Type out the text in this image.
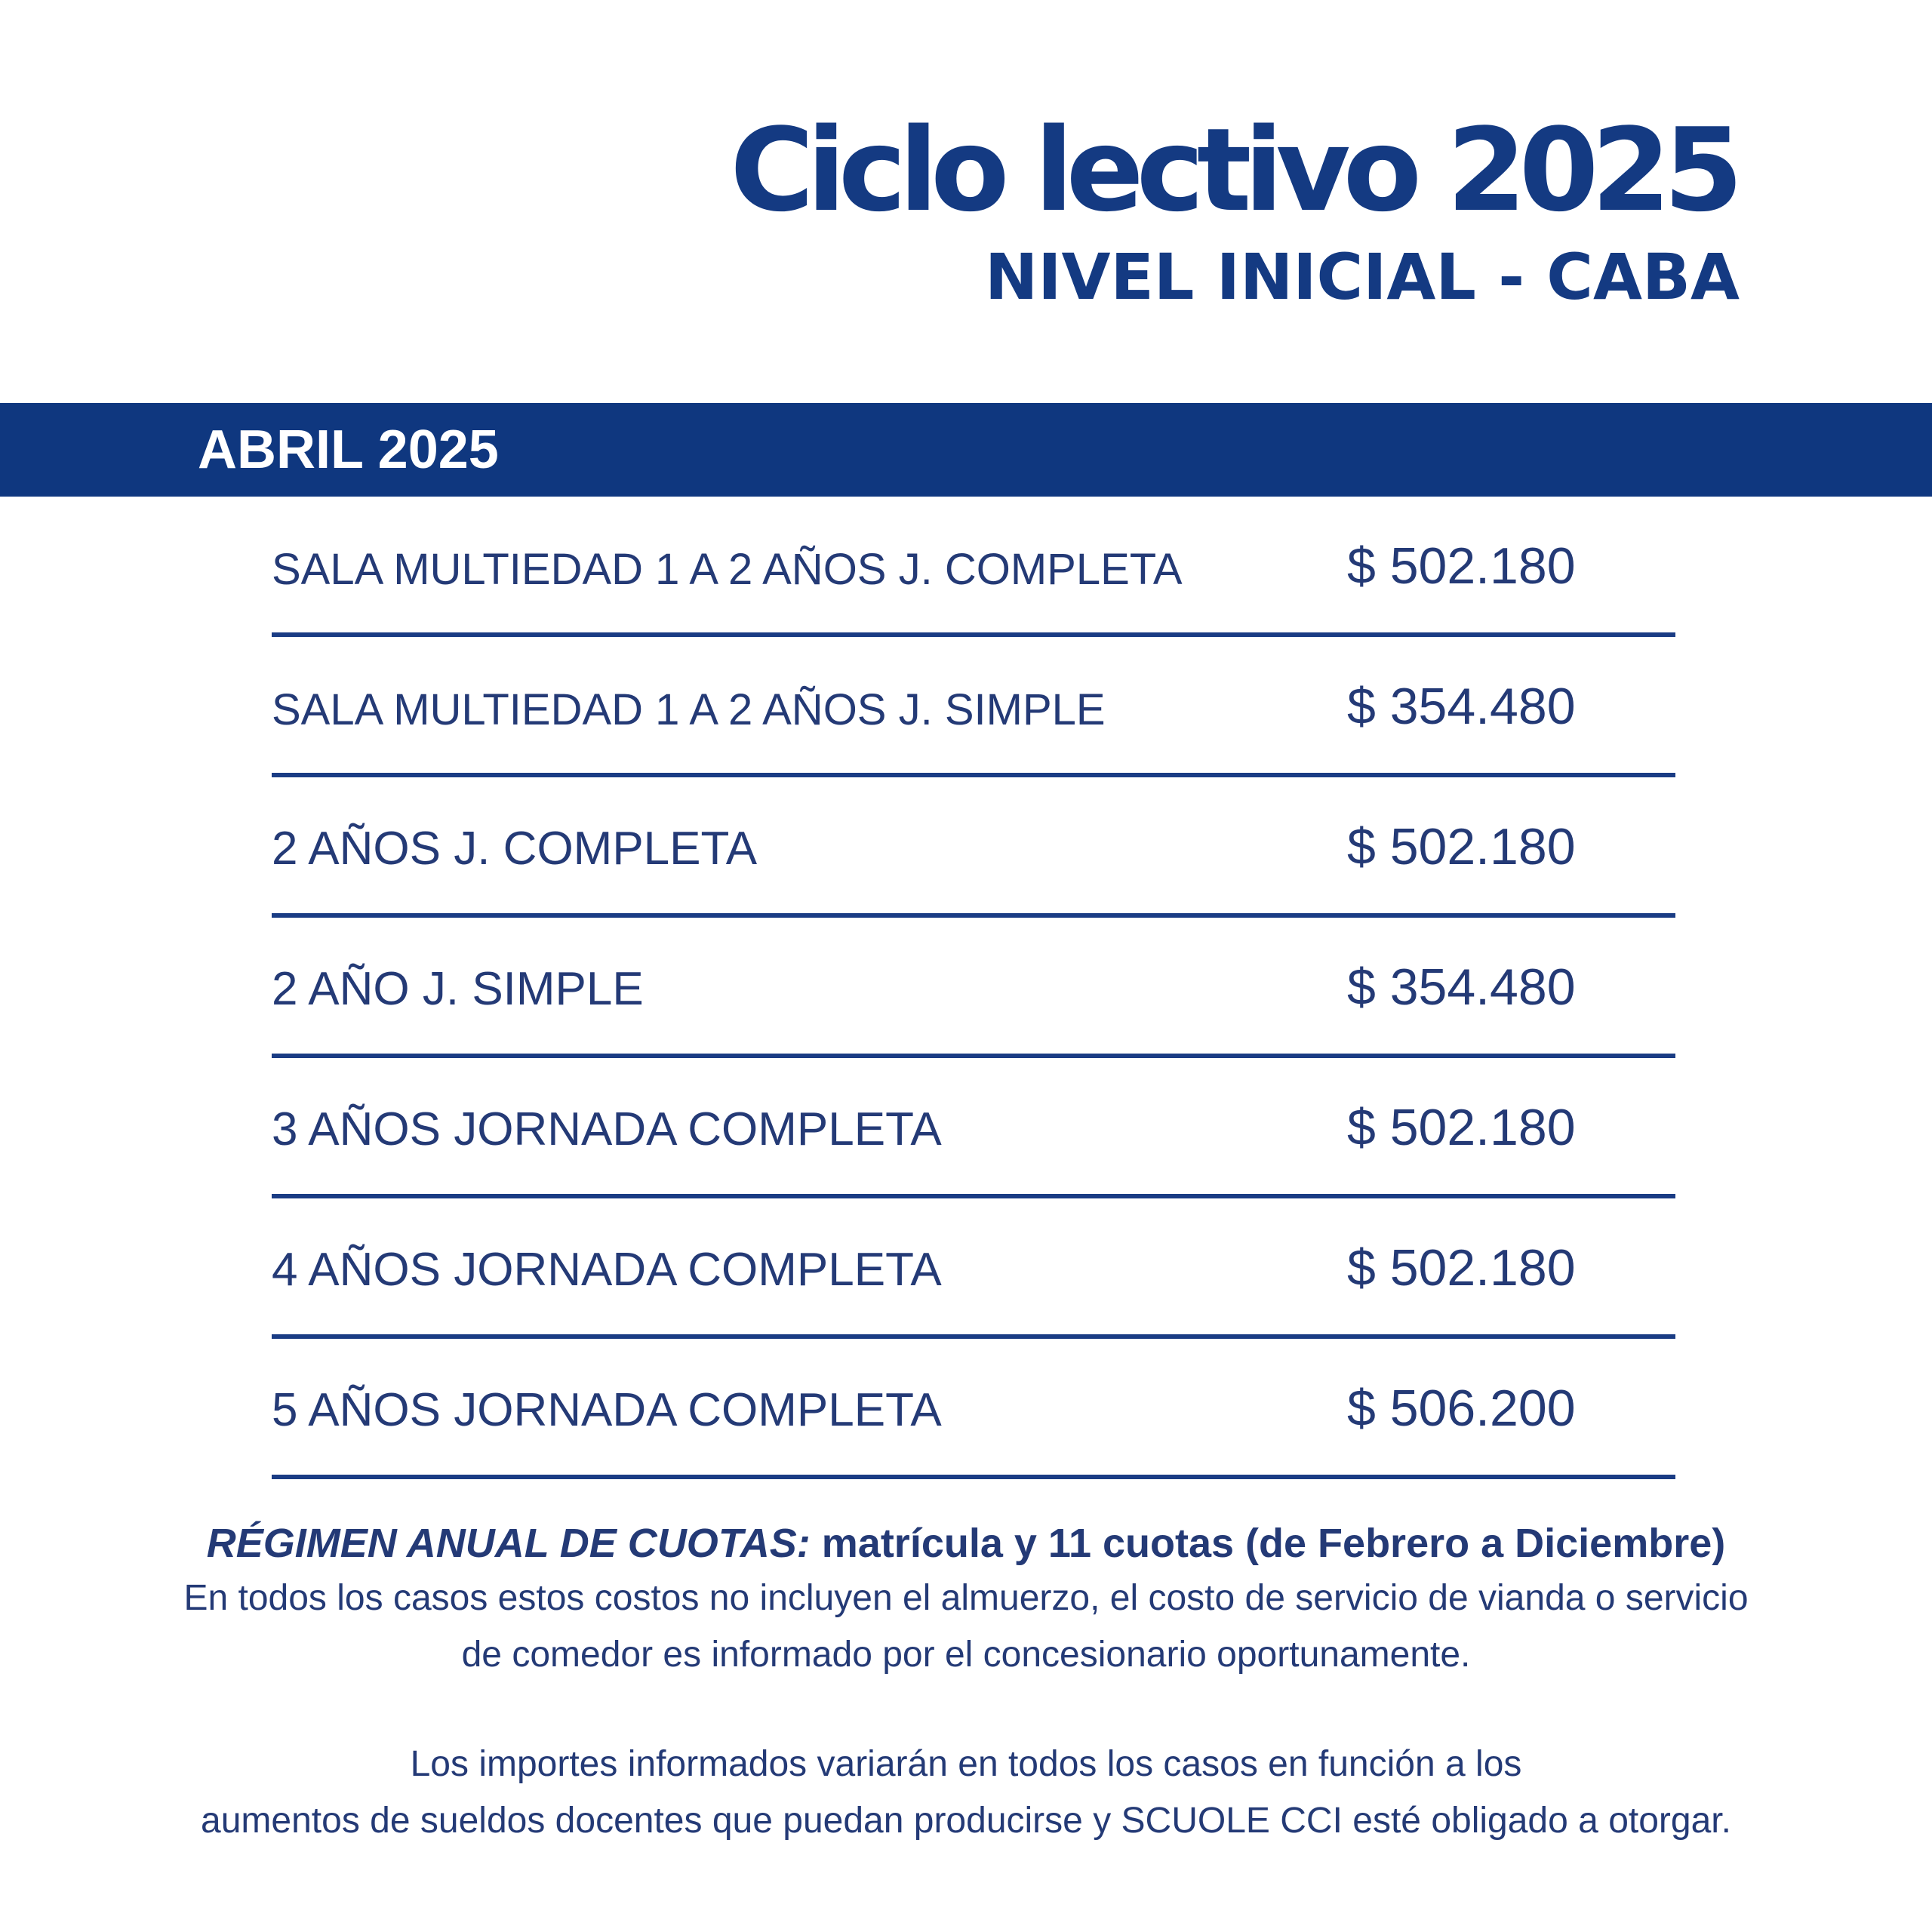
Ciclo lectivo 2025
NIVEL INICIAL - CABA
ABRIL 2025
SALA MULTIEDAD 1 A 2 AÑOS J. COMPLETA	$ 502.180
SALA MULTIEDAD 1 A 2 AÑOS J. SIMPLE	$ 354.480
2 AÑOS J. COMPLETA	$ 502.180
2 AÑO J. SIMPLE	$ 354.480
3 AÑOS JORNADA COMPLETA	$ 502.180
4 AÑOS JORNADA COMPLETA	$ 502.180
5 AÑOS JORNADA COMPLETA	$ 506.200
RÉGIMEN ANUAL DE CUOTAS: matrícula y 11 cuotas (de Febrero a Diciembre)
En todos los casos estos costos no incluyen el almuerzo, el costo de servicio de vianda o servicio
de comedor es informado por el concesionario oportunamente.
Los importes informados variarán en todos los casos en función a los
aumentos de sueldos docentes que puedan producirse y SCUOLE CCI esté obligado a otorgar.
